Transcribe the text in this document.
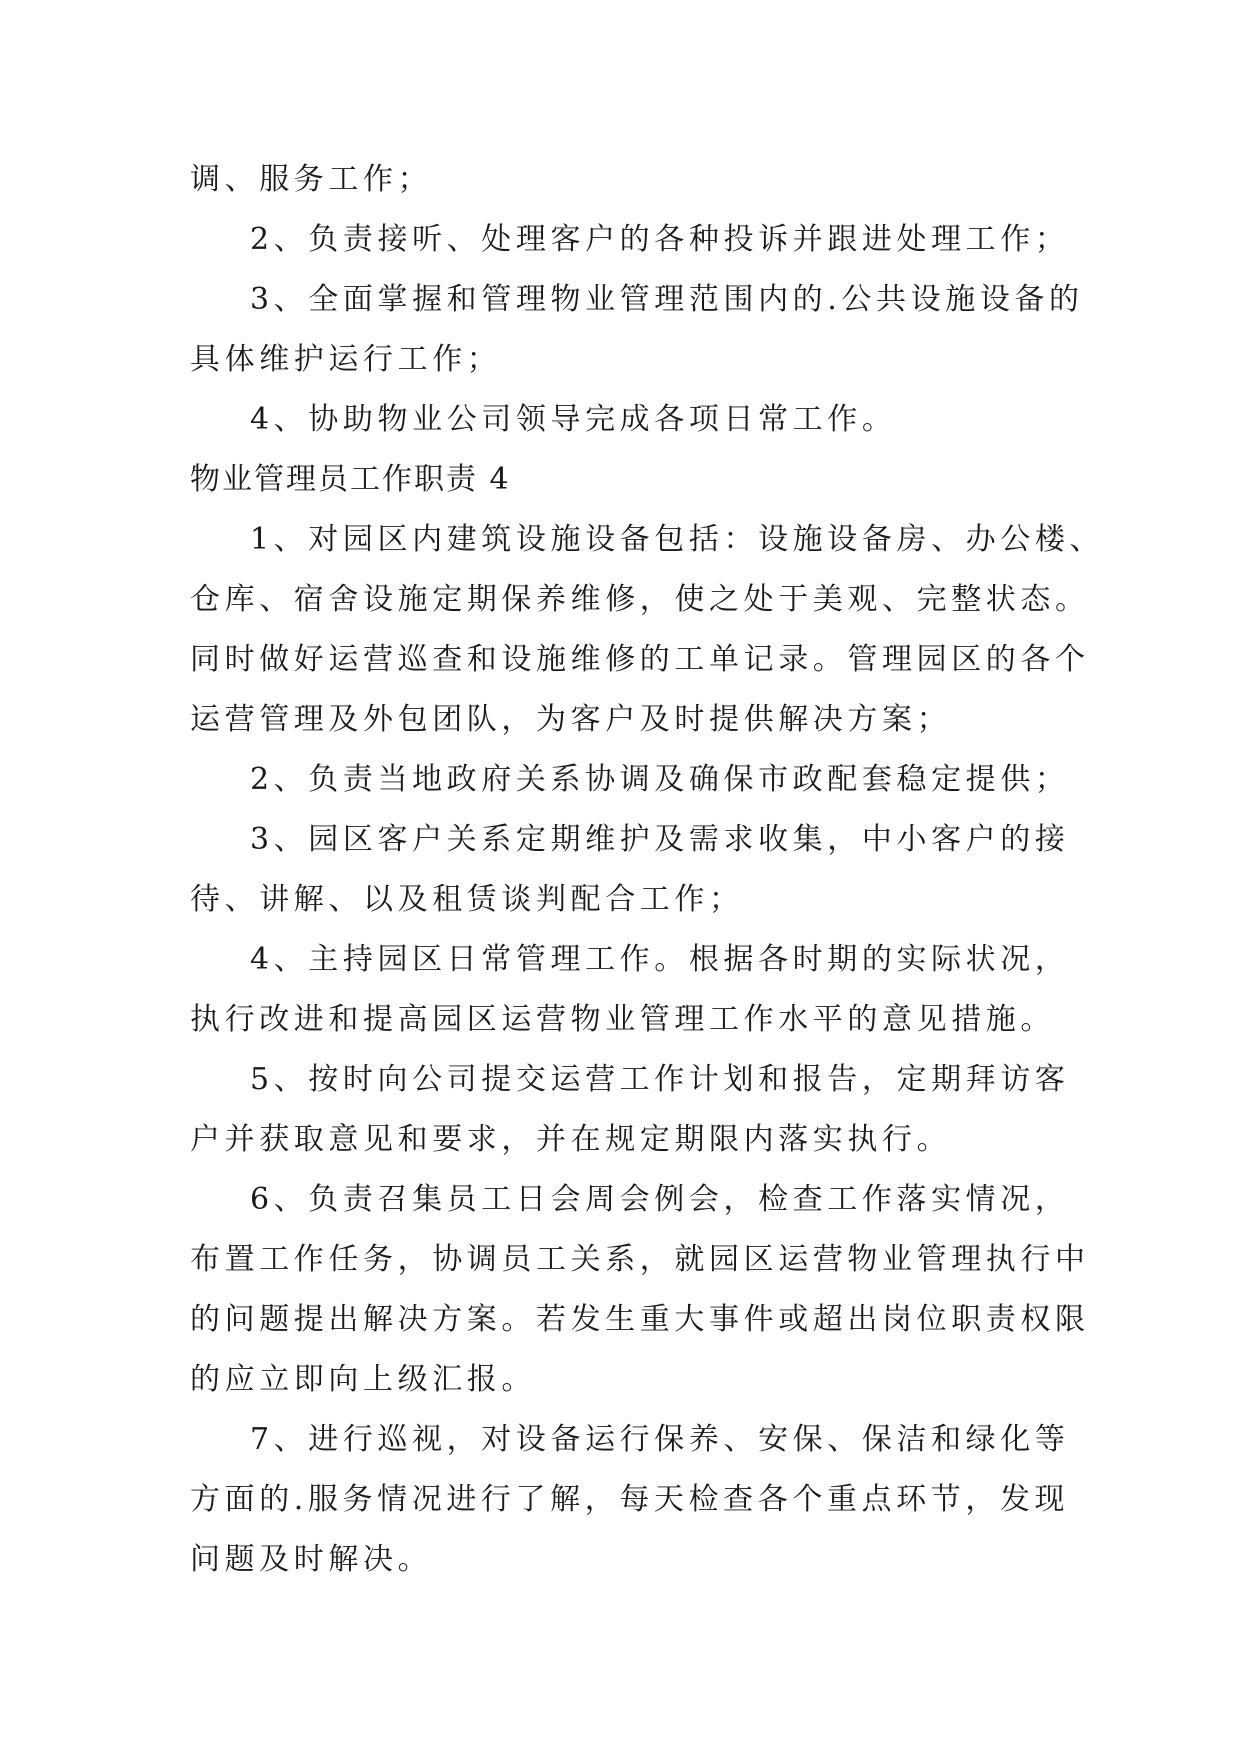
调、服务工作；
2、负责接听、处理客户的各种投诉并跟进处理工作；
3、全面掌握和管理物业管理范围内的.公共设施设备的
具体维护运行工作；
4、协助物业公司领导完成各项日常工作。
物业管理员工作职责 4
1、对园区内建筑设施设备包括：设施设备房、办公楼、
仓库、宿舍设施定期保养维修，使之处于美观、完整状态。
同时做好运营巡查和设施维修的工单记录。管理园区的各个
运营管理及外包团队，为客户及时提供解决方案；
2、负责当地政府关系协调及确保市政配套稳定提供；
3、园区客户关系定期维护及需求收集，中小客户的接
待、讲解、以及租赁谈判配合工作；
4、主持园区日常管理工作。根据各时期的实际状况，
执行改进和提高园区运营物业管理工作水平的意见措施。
5、按时向公司提交运营工作计划和报告，定期拜访客
户并获取意见和要求，并在规定期限内落实执行。
6、负责召集员工日会周会例会，检查工作落实情况，
布置工作任务，协调员工关系，就园区运营物业管理执行中
的问题提出解决方案。若发生重大事件或超出岗位职责权限
的应立即向上级汇报。
7、进行巡视，对设备运行保养、安保、保洁和绿化等
方面的.服务情况进行了解，每天检查各个重点环节，发现
问题及时解决。
